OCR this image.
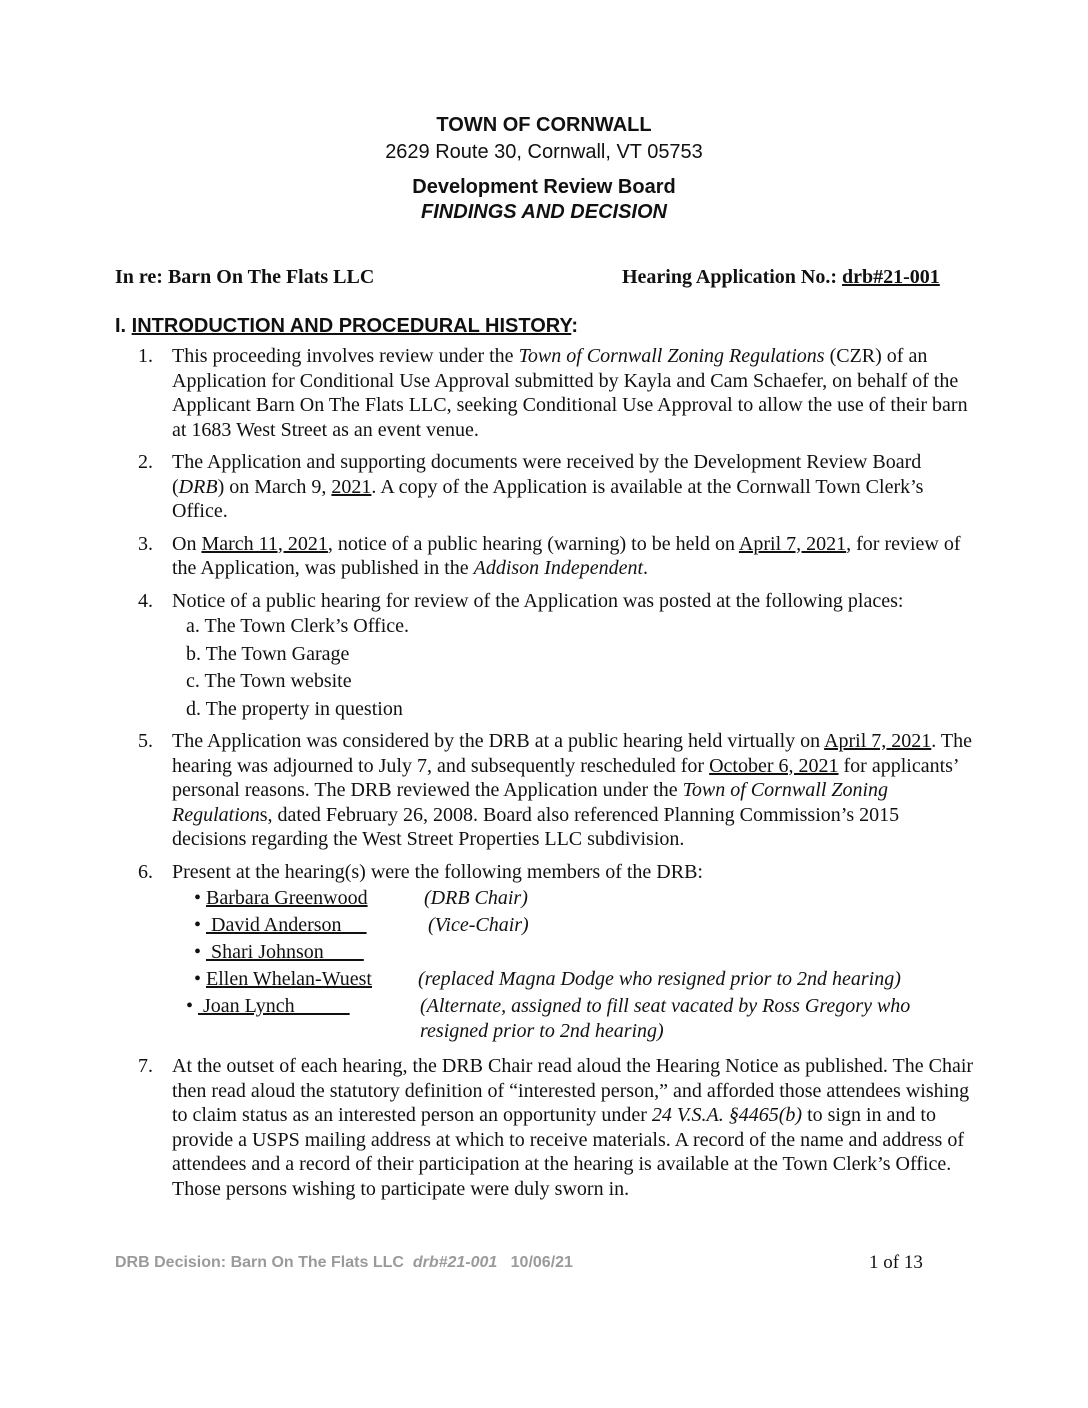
TOWN OF CORNWALL
2629 Route 30, Cornwall, VT 05753
Development Review Board
FINDINGS AND DECISION
In re: Barn On The Flats LLC	Hearing Application No.: drb#21-001
I. INTRODUCTION AND PROCEDURAL HISTORY:
1. This proceeding involves review under the Town of Cornwall Zoning Regulations (CZR) of an Application for Conditional Use Approval submitted by Kayla and Cam Schaefer, on behalf of the Applicant Barn On The Flats LLC, seeking Conditional Use Approval to allow the use of their barn at 1683 West Street as an event venue.
2. The Application and supporting documents were received by the Development Review Board (DRB) on March 9, 2021. A copy of the Application is available at the Cornwall Town Clerk’s Office.
3. On March 11, 2021, notice of a public hearing (warning) to be held on April 7, 2021, for review of the Application, was published in the Addison Independent.
4. Notice of a public hearing for review of the Application was posted at the following places:
a. The Town Clerk’s Office.
b. The Town Garage
c. The Town website
d. The property in question
5. The Application was considered by the DRB at a public hearing held virtually on April 7, 2021. The hearing was adjourned to July 7, and subsequently rescheduled for October 6, 2021 for applicants’ personal reasons. The DRB reviewed the Application under the Town of Cornwall Zoning Regulations, dated February 26, 2008. Board also referenced Planning Commission’s 2015 decisions regarding the West Street Properties LLC subdivision.
6. Present at the hearing(s) were the following members of the DRB:
• Barbara Greenwood	(DRB Chair)
• David Anderson	(Vice-Chair)
• Shari Johnson
• Ellen Whelan-Wuest (replaced Magna Dodge who resigned prior to 2nd hearing)
• Joan Lynch	(Alternate, assigned to fill seat vacated by Ross Gregory who resigned prior to 2nd hearing)
7. At the outset of each hearing, the DRB Chair read aloud the Hearing Notice as published. The Chair then read aloud the statutory definition of “interested person,” and afforded those attendees wishing to claim status as an interested person an opportunity under 24 V.S.A. §4465(b) to sign in and to provide a USPS mailing address at which to receive materials. A record of the name and address of attendees and a record of their participation at the hearing is available at the Town Clerk’s Office. Those persons wishing to participate were duly sworn in.
DRB Decision: Barn On The Flats LLC  drb#21-001   10/06/21	1 of 13
